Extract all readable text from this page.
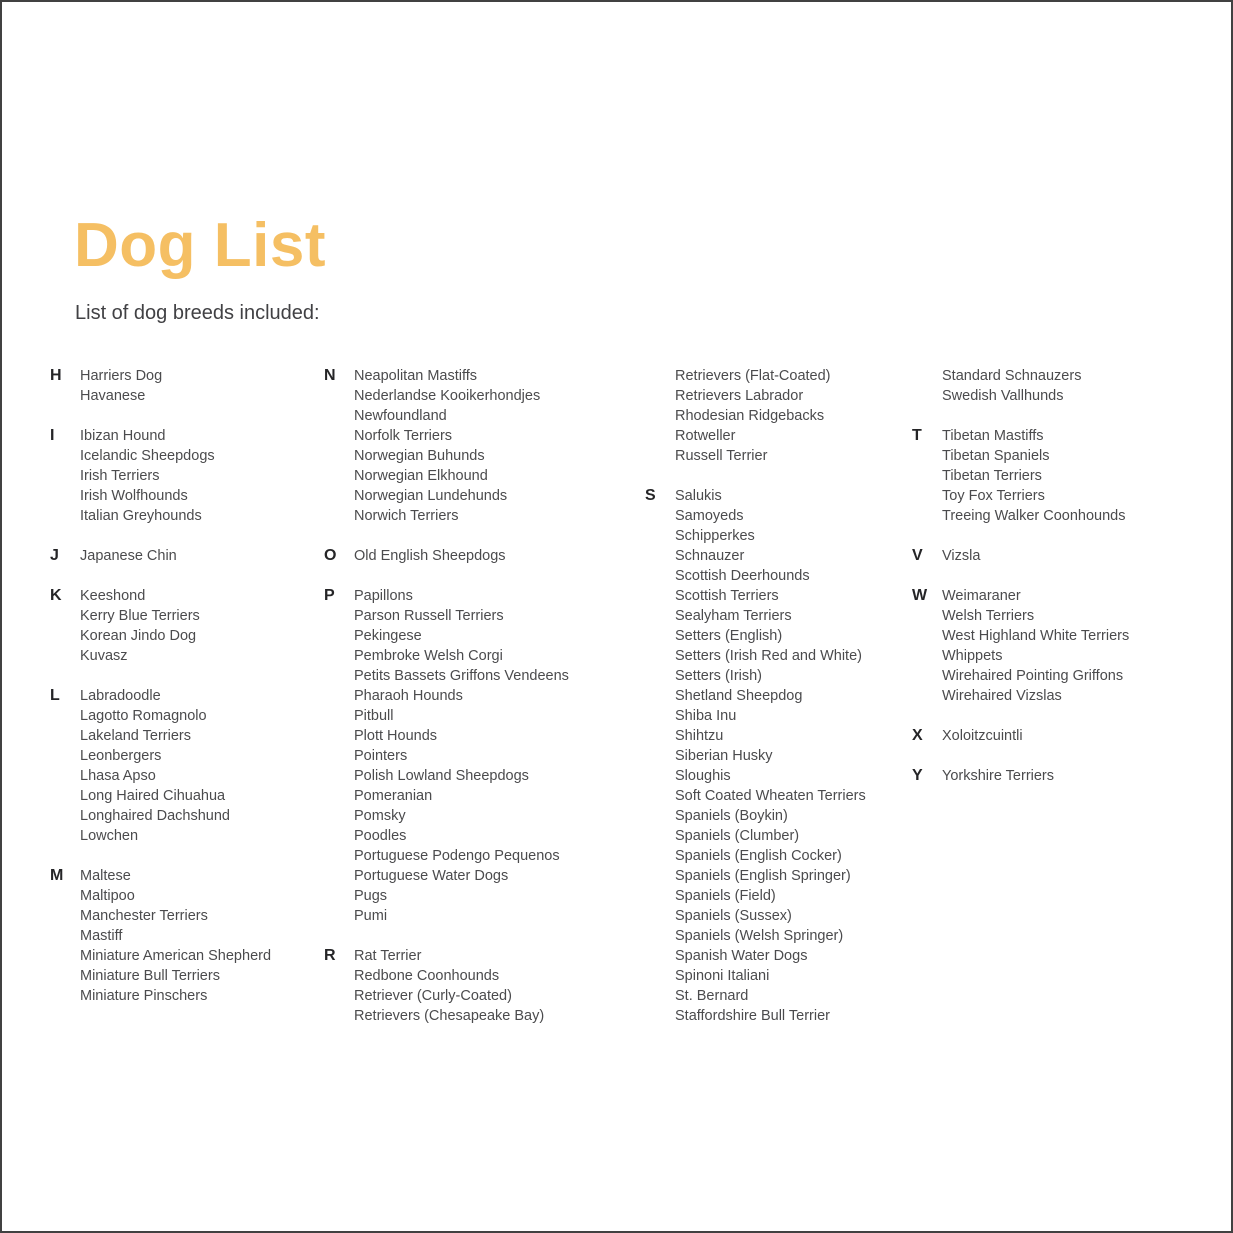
Dog List

List of dog breeds included:

H	Harriers Dog
Havanese
I	Ibizan Hound
Icelandic Sheepdogs
Irish Terriers
Irish Wolfhounds
Italian Greyhounds
J	Japanese Chin
K	Keeshond
Kerry Blue Terriers
Korean Jindo Dog
Kuvasz
L	Labradoodle
Lagotto Romagnolo
Lakeland Terriers
Leonbergers
Lhasa Apso
Long Haired Cihuahua
Longhaired Dachshund
Lowchen
M	Maltese
Maltipoo
Manchester Terriers
Mastiff
Miniature American Shepherd
Miniature Bull Terriers
Miniature Pinschers
N	Neapolitan Mastiffs
Nederlandse Kooikerhondjes
Newfoundland
Norfolk Terriers
Norwegian Buhunds
Norwegian Elkhound
Norwegian Lundehunds
Norwich Terriers
O	Old English Sheepdogs
P	Papillons
Parson Russell Terriers
Pekingese
Pembroke Welsh Corgi
Petits Bassets Griffons Vendeens
Pharaoh Hounds
Pitbull
Plott Hounds
Pointers
Polish Lowland Sheepdogs
Pomeranian
Pomsky
Poodles
Portuguese Podengo Pequenos
Portuguese Water Dogs
Pugs
Pumi
R	Rat Terrier
Redbone Coonhounds
Retriever (Curly-Coated)
Retrievers (Chesapeake Bay)
Retrievers (Flat-Coated)
Retrievers Labrador
Rhodesian Ridgebacks
Rotweller
Russell Terrier
S	Salukis
Samoyeds
Schipperkes
Schnauzer
Scottish Deerhounds
Scottish Terriers
Sealyham Terriers
Setters (English)
Setters (Irish Red and White)
Setters (Irish)
Shetland Sheepdog
Shiba Inu
Shihtzu
Siberian Husky
Sloughis
Soft Coated Wheaten Terriers
Spaniels (Boykin)
Spaniels (Clumber)
Spaniels (English Cocker)
Spaniels (English Springer)
Spaniels (Field)
Spaniels (Sussex)
Spaniels (Welsh Springer)
Spanish Water Dogs
Spinoni Italiani
St. Bernard
Staffordshire Bull Terrier
Standard Schnauzers
Swedish Vallhunds
T	Tibetan Mastiffs
Tibetan Spaniels
Tibetan Terriers
Toy Fox Terriers
Treeing Walker Coonhounds
V	Vizsla
W	Weimaraner
Welsh Terriers
West Highland White Terriers
Whippets
Wirehaired Pointing Griffons
Wirehaired Vizslas
X	Xoloitzcuintli
Y	Yorkshire Terriers
